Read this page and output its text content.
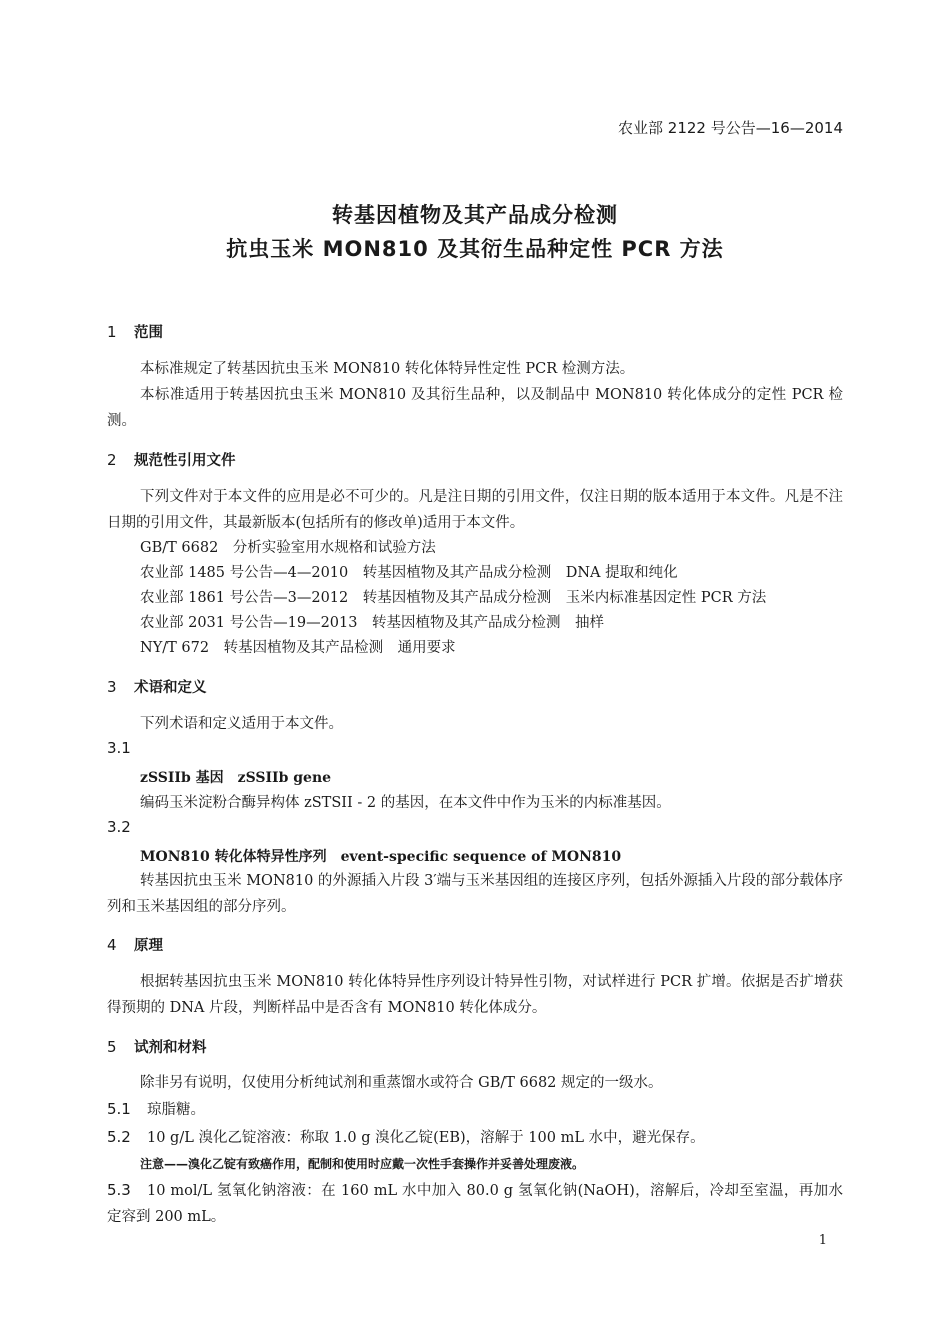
农业部 2122 号公告—16—2014
转基因植物及其产品成分检测
抗虫玉米 MON810 及其衍生品种定性 PCR 方法
1 范围
本标准规定了转基因抗虫玉米 MON810 转化体特异性定性 PCR 检测方法。
本标准适用于转基因抗虫玉米 MON810 及其衍生品种，以及制品中 MON810 转化体成分的定性 PCR 检测。
2 规范性引用文件
下列文件对于本文件的应用是必不可少的。凡是注日期的引用文件，仅注日期的版本适用于本文件。凡是不注日期的引用文件，其最新版本(包括所有的修改单)适用于本文件。
GB/T 6682　分析实验室用水规格和试验方法
农业部 1485 号公告—4—2010　转基因植物及其产品成分检测　DNA 提取和纯化
农业部 1861 号公告—3—2012　转基因植物及其产品成分检测　玉米内标准基因定性 PCR 方法
农业部 2031 号公告—19—2013　转基因植物及其产品成分检测　抽样
NY/T 672　转基因植物及其产品检测　通用要求
3 术语和定义
下列术语和定义适用于本文件。
3.1
zSSIIb 基因　zSSIIb gene
编码玉米淀粉合酶异构体 zSTSII - 2 的基因，在本文件中作为玉米的内标准基因。
3.2
MON810 转化体特异性序列　event-specific sequence of MON810
转基因抗虫玉米 MON810 的外源插入片段 3′端与玉米基因组的连接区序列，包括外源插入片段的部分载体序列和玉米基因组的部分序列。
4 原理
根据转基因抗虫玉米 MON810 转化体特异性序列设计特异性引物，对试样进行 PCR 扩增。依据是否扩增获得预期的 DNA 片段，判断样品中是否含有 MON810 转化体成分。
5 试剂和材料
除非另有说明，仅使用分析纯试剂和重蒸馏水或符合 GB/T 6682 规定的一级水。
5.1 琼脂糖。
5.2 10 g/L 溴化乙锭溶液：称取 1.0 g 溴化乙锭(EB)，溶解于 100 mL 水中，避光保存。
注意——溴化乙锭有致癌作用，配制和使用时应戴一次性手套操作并妥善处理废液。
5.3 10 mol/L 氢氧化钠溶液：在 160 mL 水中加入 80.0 g 氢氧化钠(NaOH)，溶解后，冷却至室温，再加水定容到 200 mL。
1
